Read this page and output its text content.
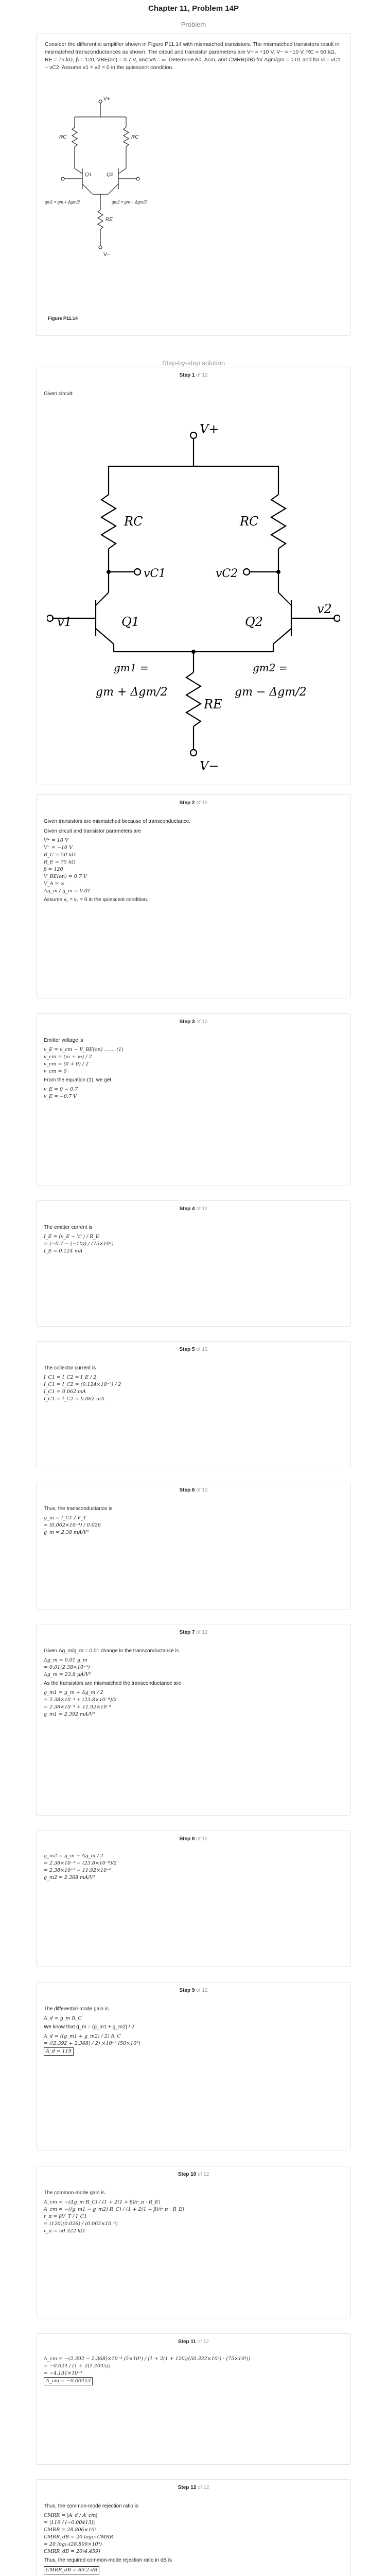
Chapter 11, Problem 14P
Problem

Consider the differential amplifier shown in Figure P11.14 with mismatched transistors. The mismatched transistors result in mismatched transconductances as shown. The circuit and transistor parameters are V+ = +10 V, V− = −10 V, RC = 50 kΩ, RE = 75 kΩ, β = 120, VBE(on) = 0.7 V, and VA = ∞. Determine Ad, Acm, and CMRR(dB) for Δgm/gm = 0.01 and for vi = vC1 − vC2. Assume v1 = v2 = 0 in the quiescent condition.

V+
RC	RC
Q1	Q2
RE
V−
gm1 = gm + Δgm/2	gm2 = gm − Δgm/2
Figure P11.14
Step-by-step solution
Step 1 of 12
Given circuit:
V+
RC	RC
vC1	vC2
v1
v2
Q1	Q2
RE
V−
gm1 =
gm + Δgm/2
gm2 =
gm − Δgm/2
Step 2 of 12
Given transistors are mismatched because of transconductance.
Given circuit and transistor parameters are
V⁺ = 10 V
V⁻ = −10 V
R_C = 50 kΩ
R_E = 75 kΩ
β = 120
V_BE(on) = 0.7 V
V_A = ∞
Δg_m / g_m = 0.01
Assume v₁ = v₂ = 0 in the quiescent condition.
Step 3 of 12
Emitter voltage is
v_E = v_cm − V_BE(on) ....... (1)
v_cm = (v₁ + v₂) / 2
v_cm = (0 + 0) / 2
v_cm = 0
From the equation (1), we get
v_E = 0 − 0.7
v_E = −0.7 V
Step 4 of 12
The emitter current is
I_E = (v_E − V⁻) / R_E
= (−0.7 − (−10)) / (75×10³)
I_E = 0.124 mA
Step 5 of 12
The collector current is
I_C1 = I_C2 = I_E / 2
I_C1 = I_C2 = (0.124×10⁻³) / 2
I_C1 = 0.062 mA
I_C1 = I_C2 = 0.062 mA
Step 6 of 12
Thus, the transconductance is
g_m = I_C1 / V_T
= (0.062×10⁻³) / 0.026
g_m = 2.38 mA/V²
Step 7 of 12
Given Δg_m/g_m = 0.01 change in the transconductance is
Δg_m = 0.01 g_m
= 0.01(2.38×10⁻³)
Δg_m = 23.8 µA/V²
As the transistors are mismatched the transconductance are
g_m1 = g_m + Δg_m / 2
= 2.38×10⁻³ + (23.8×10⁻⁶)/2
= 2.38×10⁻³ + 11.92×10⁻⁶
g_m1 = 2.392 mA/V²
Step 8 of 12
g_m2 = g_m − Δg_m / 2
= 2.38×10⁻³ − (23.8×10⁻⁶)/2
= 2.38×10⁻³ − 11.92×10⁻⁶
g_m2 = 2.368 mA/V²
Step 9 of 12
The differential-mode gain is
A_d = g_m R_C
We know that g_m = (g_m1 + g_m2) / 2
A_d = ((g_m1 + g_m2) / 2) R_C
= ((2.392 + 2.368) / 2) ×10⁻³ (50×10³)
A_d = 119
Step 10 of 12
The common-mode gain is
A_cm = −(Δg_m R_C) / (1 + 2(1 + β)/r_π · R_E)
A_cm = −((g_m1 − g_m2) R_C) / (1 + 2(1 + β)/r_π · R_E)
r_π = βV_T / I_C1
= (120)(0.026) / (0.062×10⁻³)
r_π = 50.322 kΩ
Step 11 of 12
A_cm = −(2.392 − 2.368)×10⁻³ (5×10³) / (1 + 2(1 + 120)/(50.322×10³) · (75×10³))
= −0.024 / (1 + 2(1.4045))
= −4.131×10⁻³
A_cm = −0.00413
Step 12 of 12
Thus, the common-mode rejection ratio is
CMRR = |A_d / A_cm|
= |119 / (−0.00413)|
CMRR = 28.806×10³
CMRR_dB = 20 log₁₀ CMRR
= 20 log₁₀(28.806×10³)
CMRR_dB = 20(4.459)
Thus, the required common-mode rejection ratio in dB is
CMRR_dB = 89.2 dB
